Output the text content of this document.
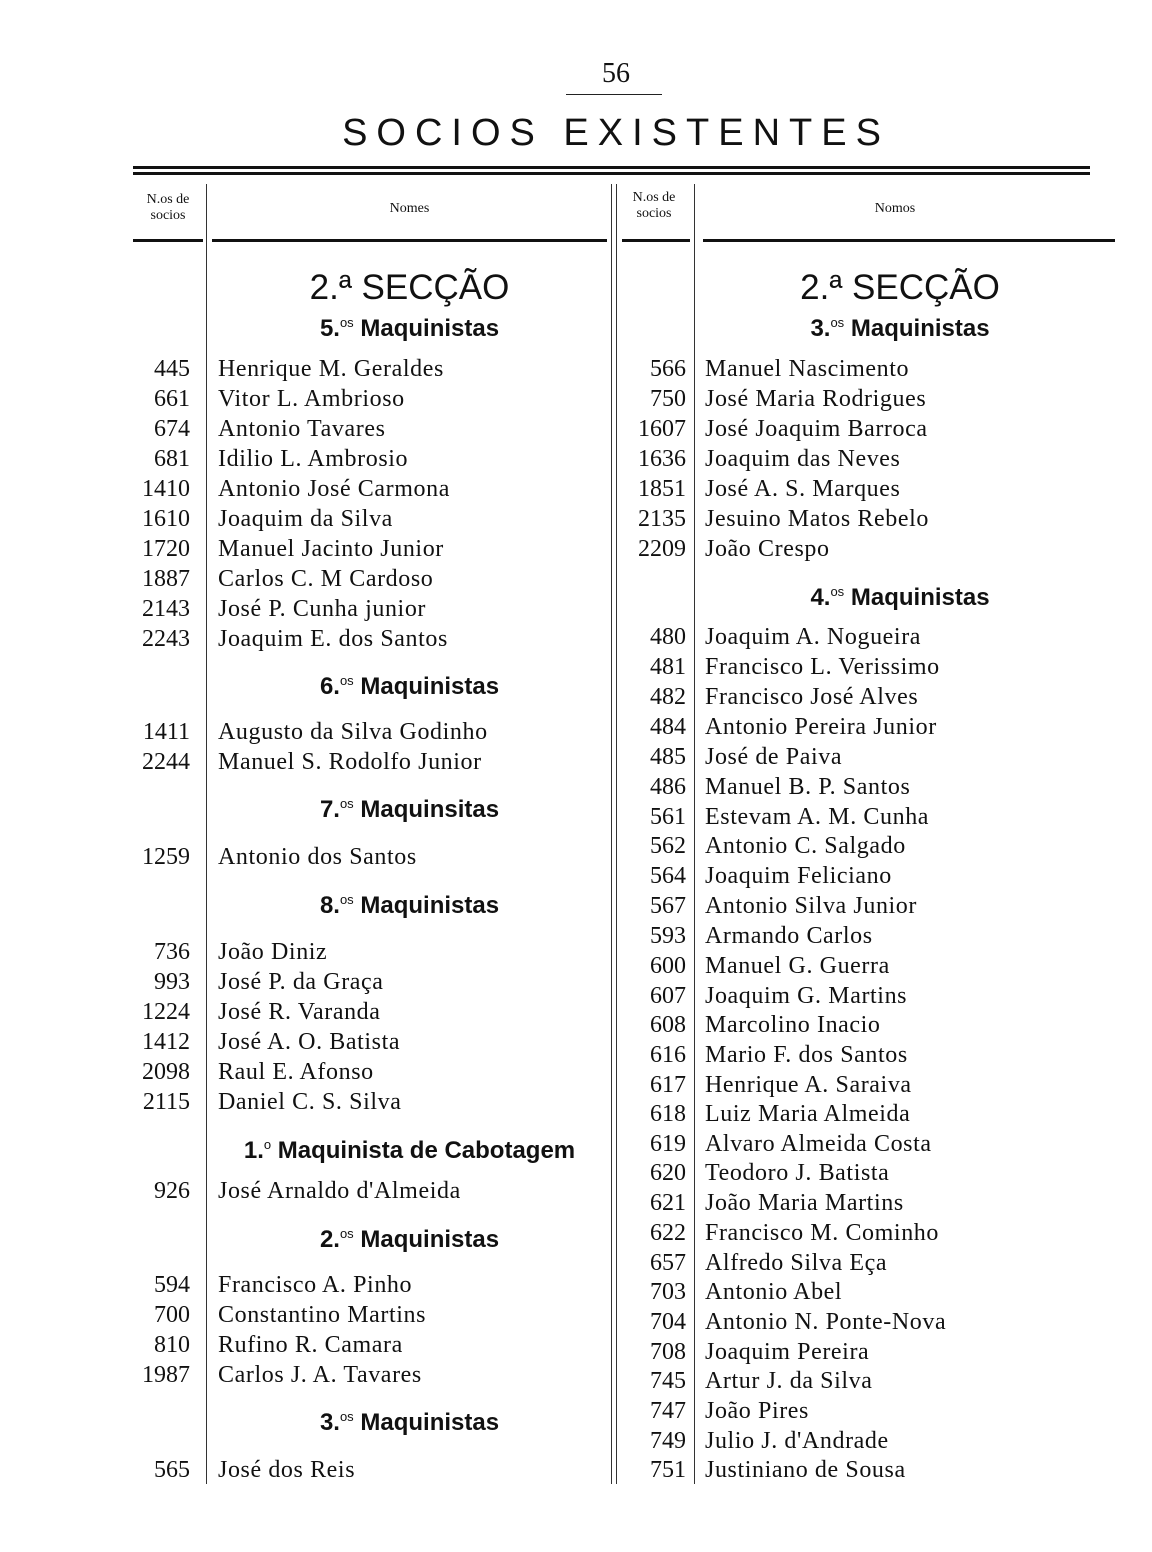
56
SOCIOS EXISTENTES
N.os de
socios	Nomes
N.os de
socios	Nomos
2.ª SECÇÃO
5.$^{os}$ Maquinistas
445 Henrique M. Geraldes
661 Vitor L. Ambrioso
674 Antonio Tavares
681 Idilio L. Ambrosio
1410 Antonio José Carmona
1610 Joaquim da Silva
1720 Manuel Jacinto Junior
1887 Carlos C. M Cardoso
2143 José P. Cunha junior
2243 Joaquim E. dos Santos
6.$^{os}$ Maquinistas
1411 Augusto da Silva Godinho
2244 Manuel S. Rodolfo Junior
7.$^{os}$ Maquinsitas
1259 Antonio dos Santos
8.$^{os}$ Maquinistas
736 João Diniz
993 José P. da Graça
1224 José R. Varanda
1412 José A. O. Batista
2098 Raul E. Afonso
2115 Daniel C. S. Silva
1.$^o$ Maquinista de Cabotagem
926 José Arnaldo d'Almeida
2.$^{os}$ Maquinistas
594 Francisco A. Pinho
700 Constantino Martins
810 Rufino R. Camara
1987 Carlos J. A. Tavares
3.$^{os}$ Maquinistas
565 José dos Reis
2.ª SECÇÃO
3.$^{os}$ Maquinistas
566 Manuel Nascimento
750 José Maria Rodrigues
1607 José Joaquim Barroca
1636 Joaquim das Neves
1851 José A. S. Marques
2135 Jesuino Matos Rebelo
2209 João Crespo
4.$^{os}$ Maquinistas
480 Joaquim A. Nogueira
481 Francisco L. Verissimo
482 Francisco José Alves
484 Antonio Pereira Junior
485 José de Paiva
486 Manuel B. P. Santos
561 Estevam A. M. Cunha
562 Antonio C. Salgado
564 Joaquim Feliciano
567 Antonio Silva Junior
593 Armando Carlos
600 Manuel G. Guerra
607 Joaquim G. Martins
608 Marcolino Inacio
616 Mario F. dos Santos
617 Henrique A. Saraiva
618 Luiz Maria Almeida
619 Alvaro Almeida Costa
620 Teodoro J. Batista
621 João Maria Martins
622 Francisco M. Cominho
657 Alfredo Silva Eça
703 Antonio Abel
704 Antonio N. Ponte-Nova
708 Joaquim Pereira
745 Artur J. da Silva
747 João Pires
749 Julio J. d'Andrade
751 Justiniano de Sousa
